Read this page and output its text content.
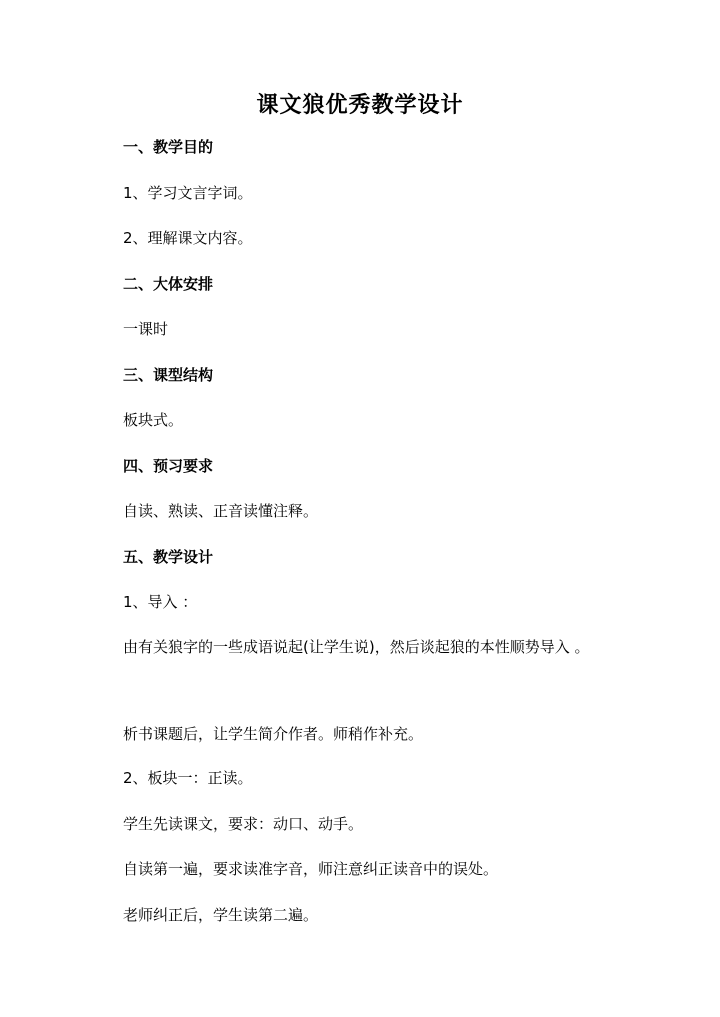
课文狼优秀教学设计
一、教学目的
1、学习文言字词。
2、理解课文内容。
二、大体安排
一课时
三、课型结构
板块式。
四、预习要求
自读、熟读、正音读懂注释。
五、教学设计
1、导入 ：
由有关狼字的一些成语说起(让学生说)，然后谈起狼的本性顺势导入 。
析书课题后，让学生简介作者。师稍作补充。
2、板块一：正读。
学生先读课文，要求：动口、动手。
自读第一遍，要求读准字音，师注意纠正读音中的误处。
老师纠正后，学生读第二遍。
